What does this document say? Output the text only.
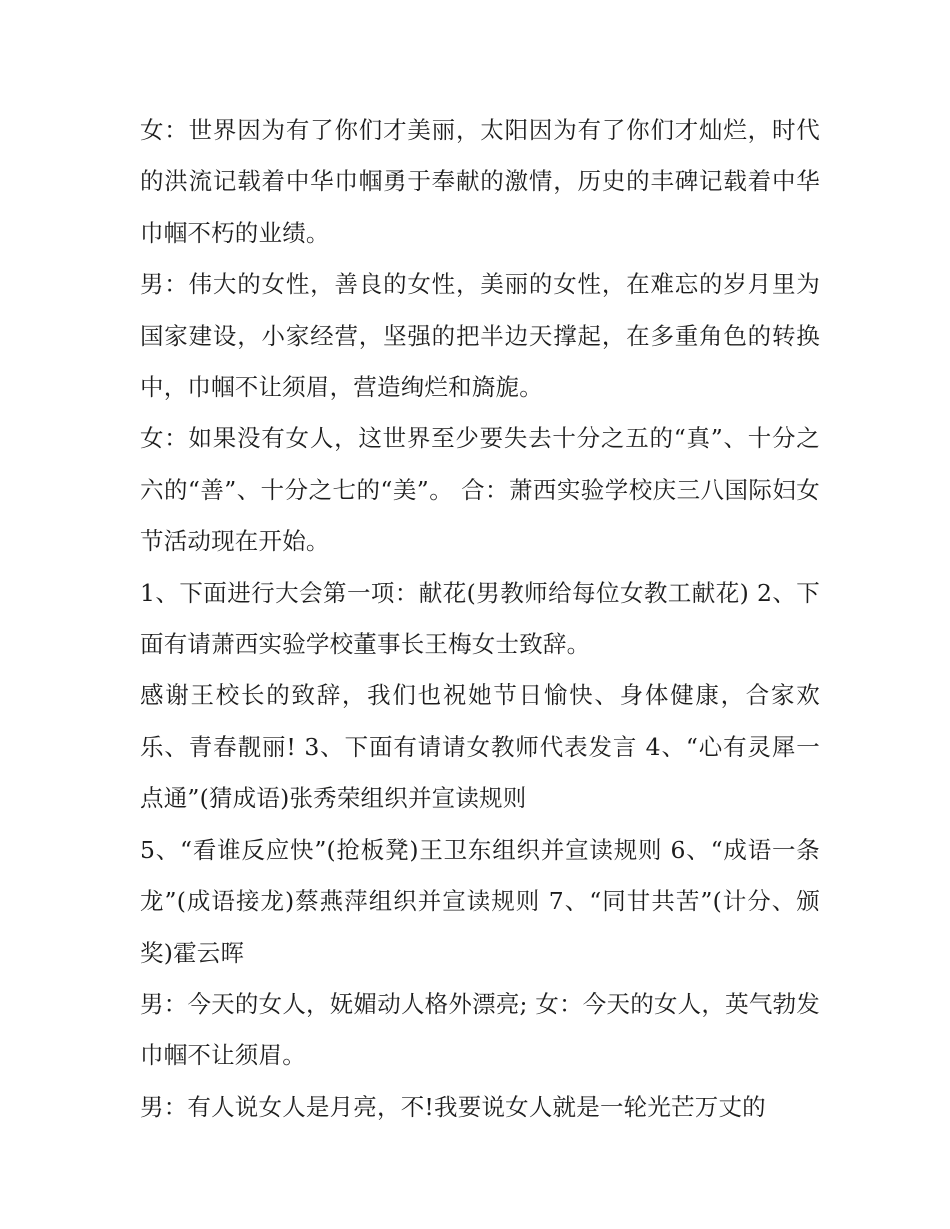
女：世界因为有了你们才美丽，太阳因为有了你们才灿烂，时代的洪流记载着中华巾帼勇于奉献的激情，历史的丰碑记载着中华巾帼不朽的业绩。

男：伟大的女性，善良的女性，美丽的女性，在难忘的岁月里为国家建设，小家经营，坚强的把半边天撑起，在多重角色的转换中，巾帼不让须眉，营造绚烂和旖旎。

女：如果没有女人，这世界至少要失去十分之五的“真”、十分之六的“善”、十分之七的“美”。 合：萧西实验学校庆三八国际妇女节活动现在开始。

1、下面进行大会第一项：献花(男教师给每位女教工献花) 2、下面有请萧西实验学校董事长王梅女士致辞。

感谢王校长的致辞，我们也祝她节日愉快、身体健康，合家欢乐、青春靓丽! 3、下面有请请女教师代表发言 4、“心有灵犀一点通”(猜成语)张秀荣组织并宣读规则

5、“看谁反应快”(抢板凳)王卫东组织并宣读规则 6、“成语一条龙”(成语接龙)蔡燕萍组织并宣读规则 7、“同甘共苦”(计分、颁奖)霍云晖

男：今天的女人，妩媚动人格外漂亮; 女：今天的女人，英气勃发巾帼不让须眉。

男：有人说女人是月亮，不!我要说女人就是一轮光芒万丈的
